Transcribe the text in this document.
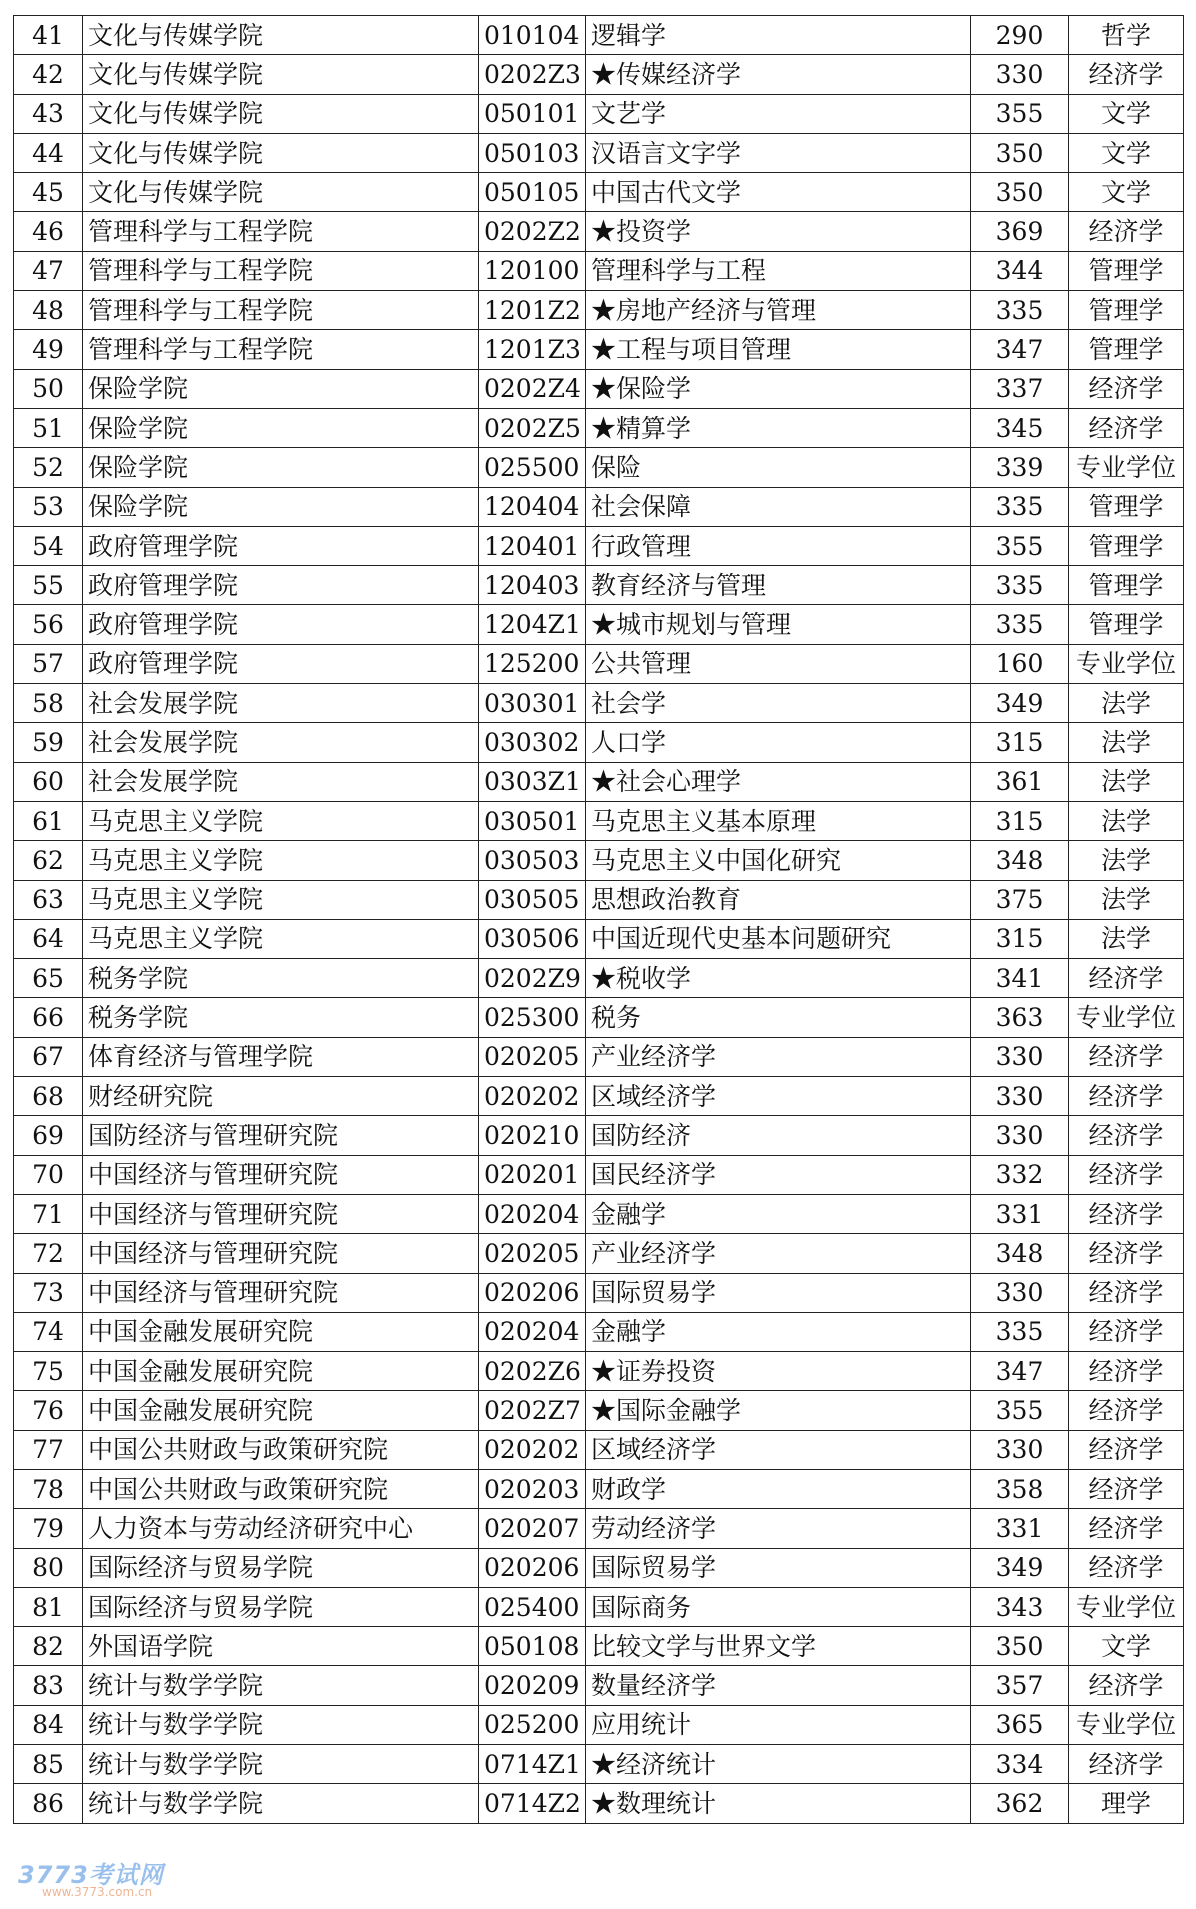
41	文化与传媒学院	010104	逻辑学	290	哲学
42	文化与传媒学院	0202Z3	★传媒经济学	330	经济学
43	文化与传媒学院	050101	文艺学	355	文学
44	文化与传媒学院	050103	汉语言文字学	350	文学
45	文化与传媒学院	050105	中国古代文学	350	文学
46	管理科学与工程学院	0202Z2	★投资学	369	经济学
47	管理科学与工程学院	120100	管理科学与工程	344	管理学
48	管理科学与工程学院	1201Z2	★房地产经济与管理	335	管理学
49	管理科学与工程学院	1201Z3	★工程与项目管理	347	管理学
50	保险学院	0202Z4	★保险学	337	经济学
51	保险学院	0202Z5	★精算学	345	经济学
52	保险学院	025500	保险	339	专业学位
53	保险学院	120404	社会保障	335	管理学
54	政府管理学院	120401	行政管理	355	管理学
55	政府管理学院	120403	教育经济与管理	335	管理学
56	政府管理学院	1204Z1	★城市规划与管理	335	管理学
57	政府管理学院	125200	公共管理	160	专业学位
58	社会发展学院	030301	社会学	349	法学
59	社会发展学院	030302	人口学	315	法学
60	社会发展学院	0303Z1	★社会心理学	361	法学
61	马克思主义学院	030501	马克思主义基本原理	315	法学
62	马克思主义学院	030503	马克思主义中国化研究	348	法学
63	马克思主义学院	030505	思想政治教育	375	法学
64	马克思主义学院	030506	中国近现代史基本问题研究	315	法学
65	税务学院	0202Z9	★税收学	341	经济学
66	税务学院	025300	税务	363	专业学位
67	体育经济与管理学院	020205	产业经济学	330	经济学
68	财经研究院	020202	区域经济学	330	经济学
69	国防经济与管理研究院	020210	国防经济	330	经济学
70	中国经济与管理研究院	020201	国民经济学	332	经济学
71	中国经济与管理研究院	020204	金融学	331	经济学
72	中国经济与管理研究院	020205	产业经济学	348	经济学
73	中国经济与管理研究院	020206	国际贸易学	330	经济学
74	中国金融发展研究院	020204	金融学	335	经济学
75	中国金融发展研究院	0202Z6	★证券投资	347	经济学
76	中国金融发展研究院	0202Z7	★国际金融学	355	经济学
77	中国公共财政与政策研究院	020202	区域经济学	330	经济学
78	中国公共财政与政策研究院	020203	财政学	358	经济学
79	人力资本与劳动经济研究中心	020207	劳动经济学	331	经济学
80	国际经济与贸易学院	020206	国际贸易学	349	经济学
81	国际经济与贸易学院	025400	国际商务	343	专业学位
82	外国语学院	050108	比较文学与世界文学	350	文学
83	统计与数学学院	020209	数量经济学	357	经济学
84	统计与数学学院	025200	应用统计	365	专业学位
85	统计与数学学院	0714Z1	★经济统计	334	经济学
86	统计与数学学院	0714Z2	★数理统计	362	理学
3773考试网
www.3773.com.cn
